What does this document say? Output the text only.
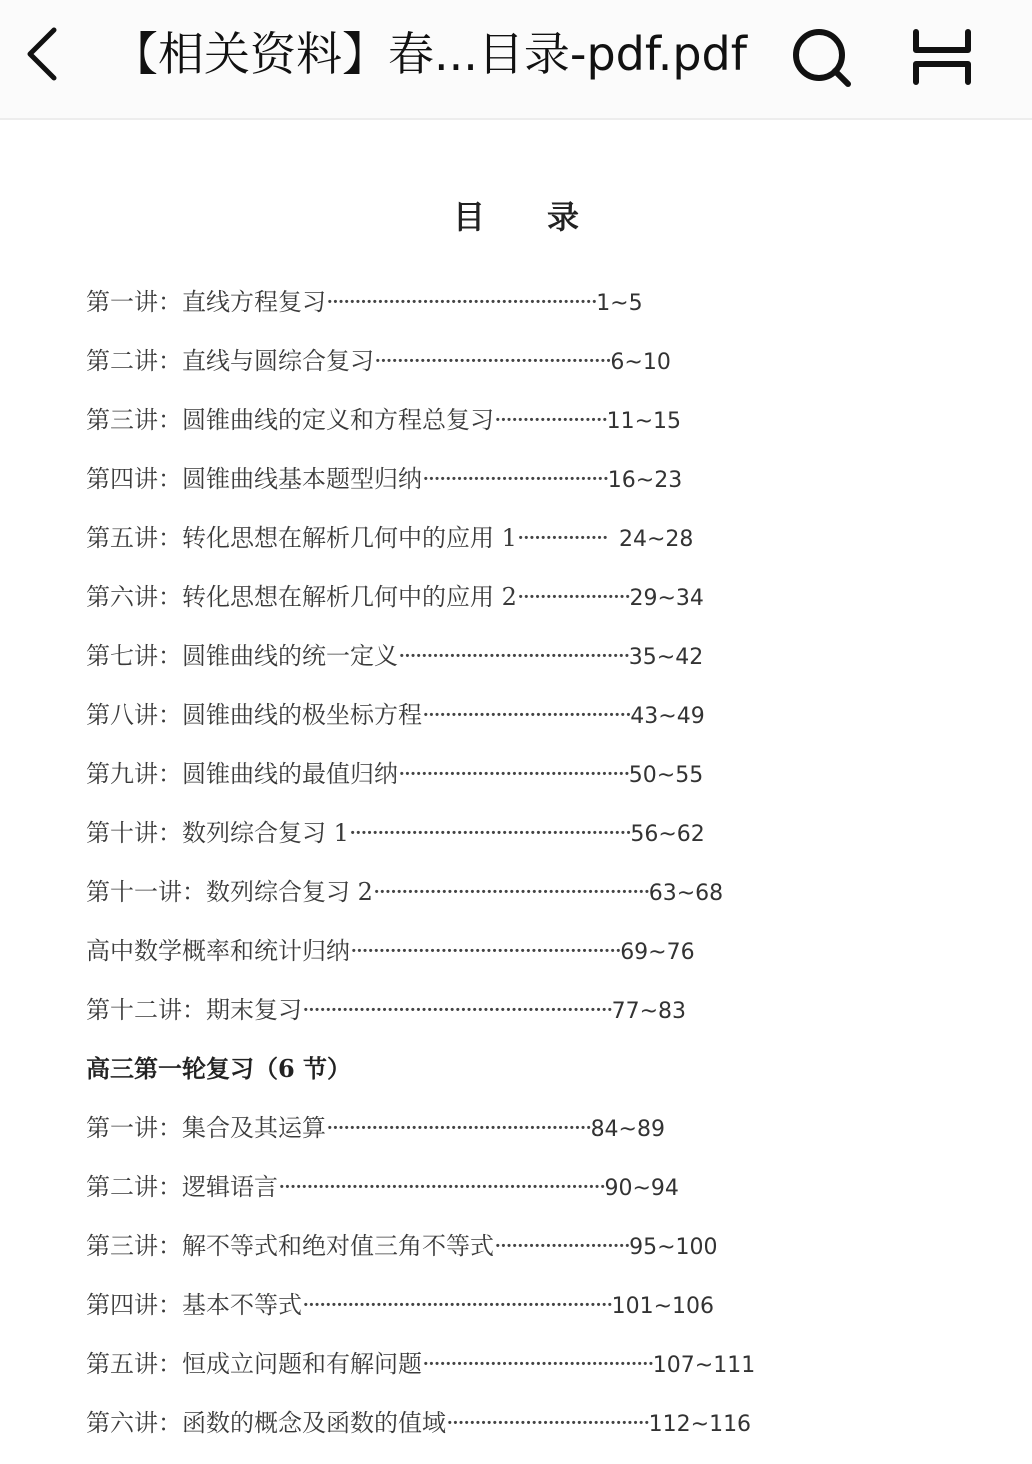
【相关资料】春...目录-pdf.pdf
目录
第一讲：直线方程复习················································1~5
第二讲：直线与圆综合复习··········································6~10
第三讲：圆锥曲线的定义和方程总复习····················11~15
第四讲：圆锥曲线基本题型归纳·································16~23
第五讲：转化思想在解析几何中的应用 1················ 24~28
第六讲：转化思想在解析几何中的应用 2····················29~34
第七讲：圆锥曲线的统一定义·········································35~42
第八讲：圆锥曲线的极坐标方程·····································43~49
第九讲：圆锥曲线的最值归纳·········································50~55
第十讲：数列综合复习 1··················································56~62
第十一讲：数列综合复习 2·················································63~68
高中数学概率和统计归纳················································69~76
第十二讲：期末复习·······················································77~83
高三第一轮复习（6 节）
第一讲：集合及其运算···············································84~89
第二讲：逻辑语言··························································90~94
第三讲：解不等式和绝对值三角不等式························95~100
第四讲：基本不等式·······················································101~106
第五讲：恒成立问题和有解问题·········································107~111
第六讲：函数的概念及函数的值域····································112~116
